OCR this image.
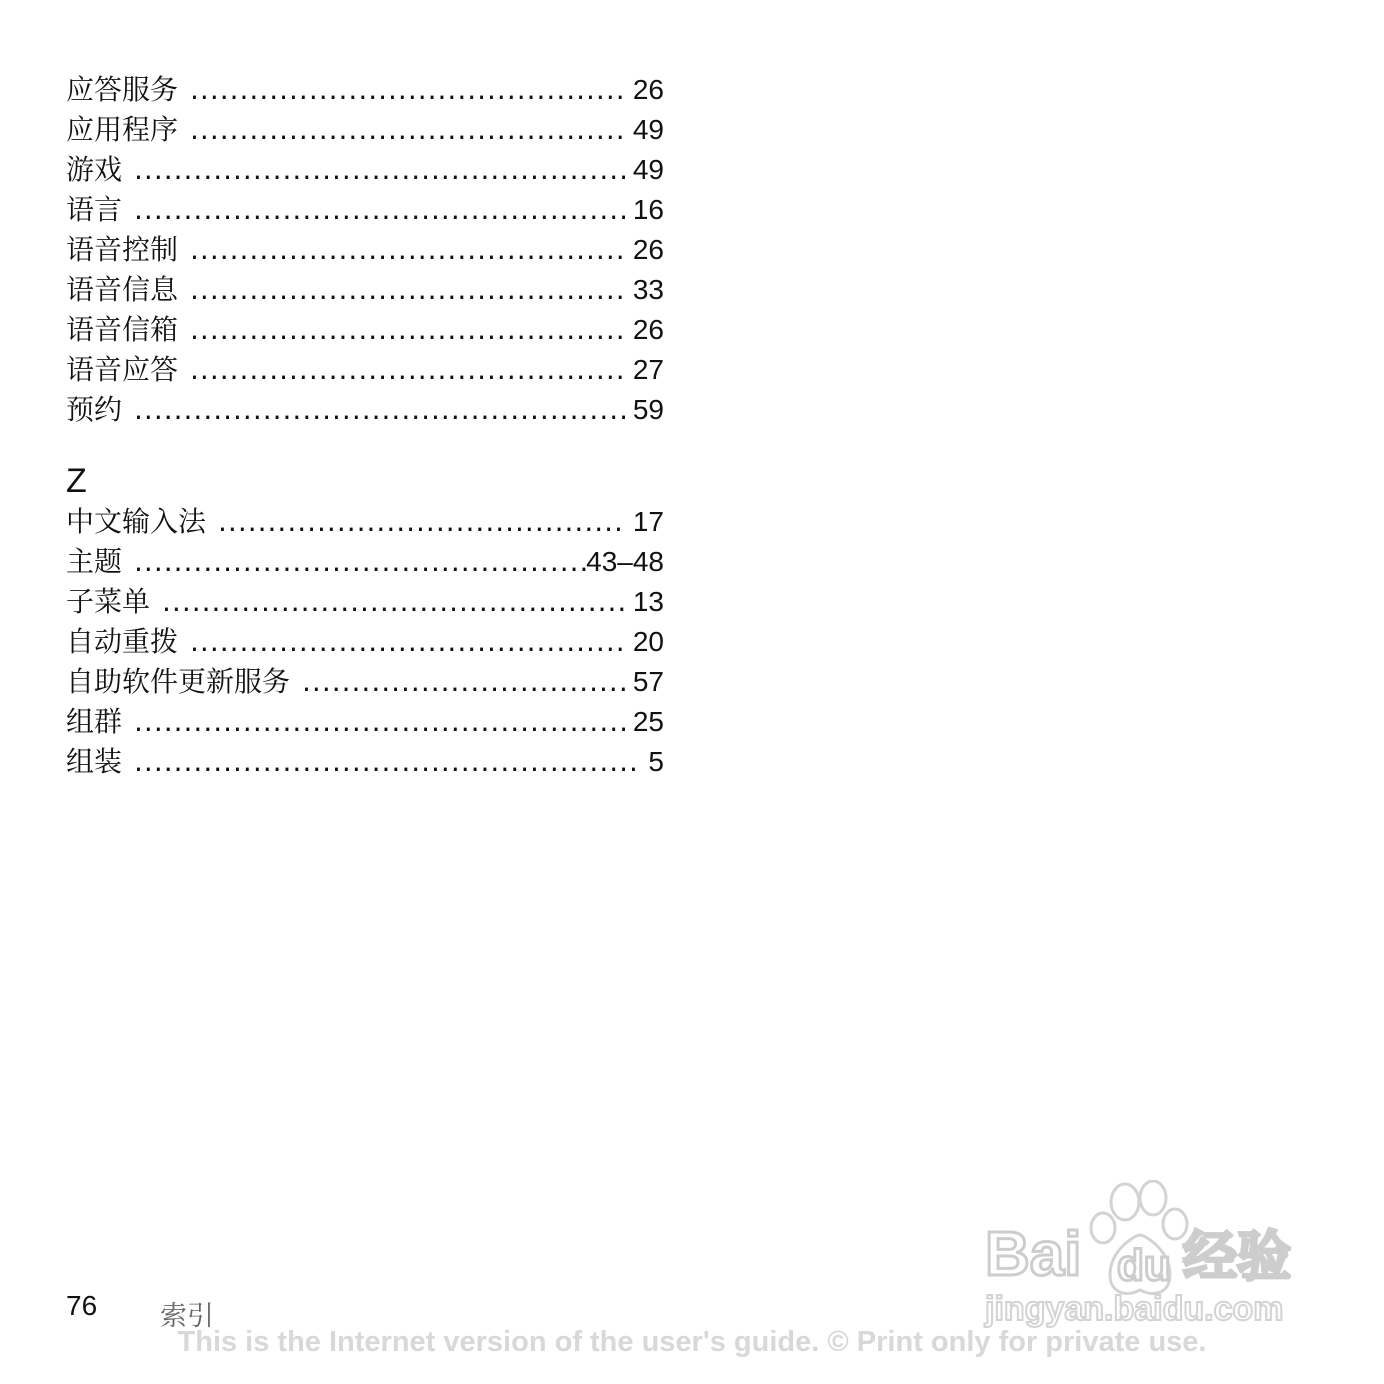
应答服务 .....	26
应用程序 .....	49
游戏 .....	49
语言 .....	16
语音控制 .....	26
语音信息 .....	33
语音信箱 .....	26
语音应答 .....	27
预约 .....	59
Z
中文输入法 .....	17
主题 .....	43–48
子菜单 .....	13
自动重拨 .....	20
自助软件更新服务 .....	57
组群 .....	25
组装 .....	5
Bai du 经验
jingyan.baidu.com
76 索引
This is the Internet version of the user's guide. © Print only for private use.
